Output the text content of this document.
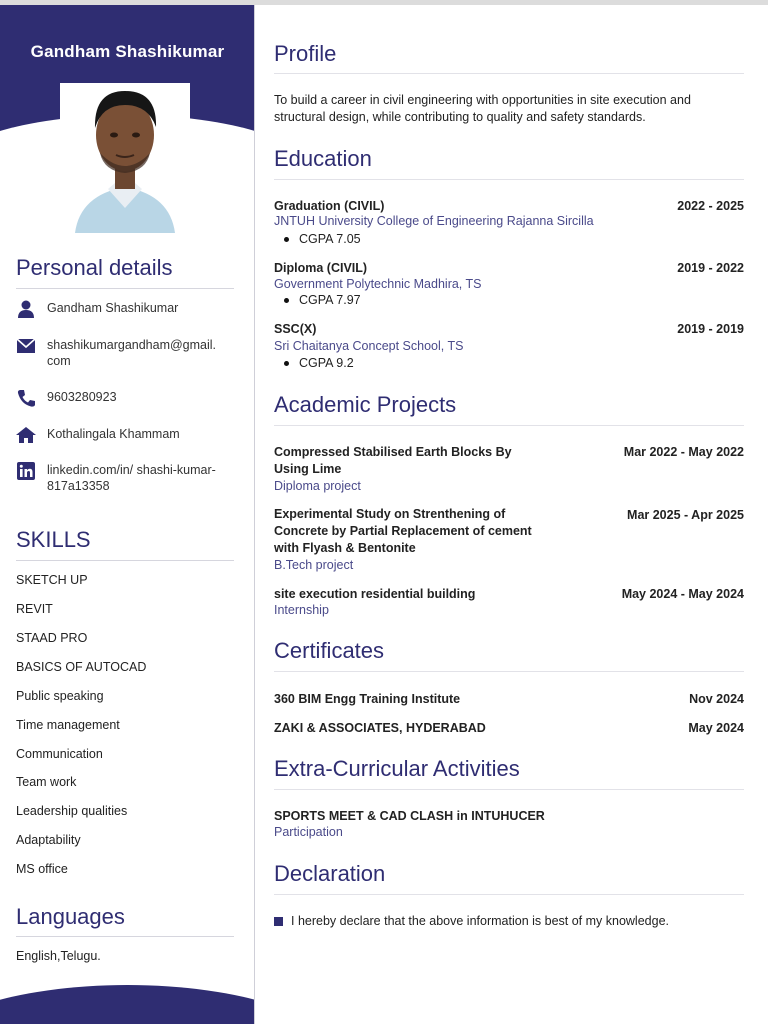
Gandham Shashikumar
Personal details
Gandham Shashikumar
shashikumargandham@gmail.
com
9603280923
Kothalingala Khammam
linkedin.com/in/ shashi-kumar-
817a13358
SKILLS
SKETCH UP
REVIT
STAAD PRO
BASICS OF AUTOCAD
Public speaking
Time management
Communication
Team work
Leadership qualities
Adaptability
MS office
Languages
English,Telugu.
Profile
To build a career in civil engineering with opportunities in site execution and structural design, while contributing to quality and safety standards.
Education
Graduation (CIVIL)	2022 - 2025
JNTUH University College of Engineering Rajanna Sircilla
CGPA 7.05
Diploma (CIVIL)	2019 - 2022
Government Polytechnic Madhira, TS
CGPA 7.97
SSC(X)	2019 - 2019
Sri Chaitanya Concept School, TS
CGPA 9.2
Academic Projects
Compressed Stabilised Earth Blocks By Using Lime
Mar 2022 - May 2022
Diploma project
Experimental Study on Strenthening of Concrete by Partial Replacement of cement with Flyash & Bentonite
Mar 2025 - Apr 2025
B.Tech project
site execution residential building	May 2024 - May 2024
Internship
Certificates
360 BIM Engg Training Institute	Nov 2024
ZAKI & ASSOCIATES, HYDERABAD	May 2024
Extra-Curricular Activities
SPORTS MEET & CAD CLASH in INTUHUCER
Participation
Declaration
I hereby declare that the above information is best of my knowledge.
